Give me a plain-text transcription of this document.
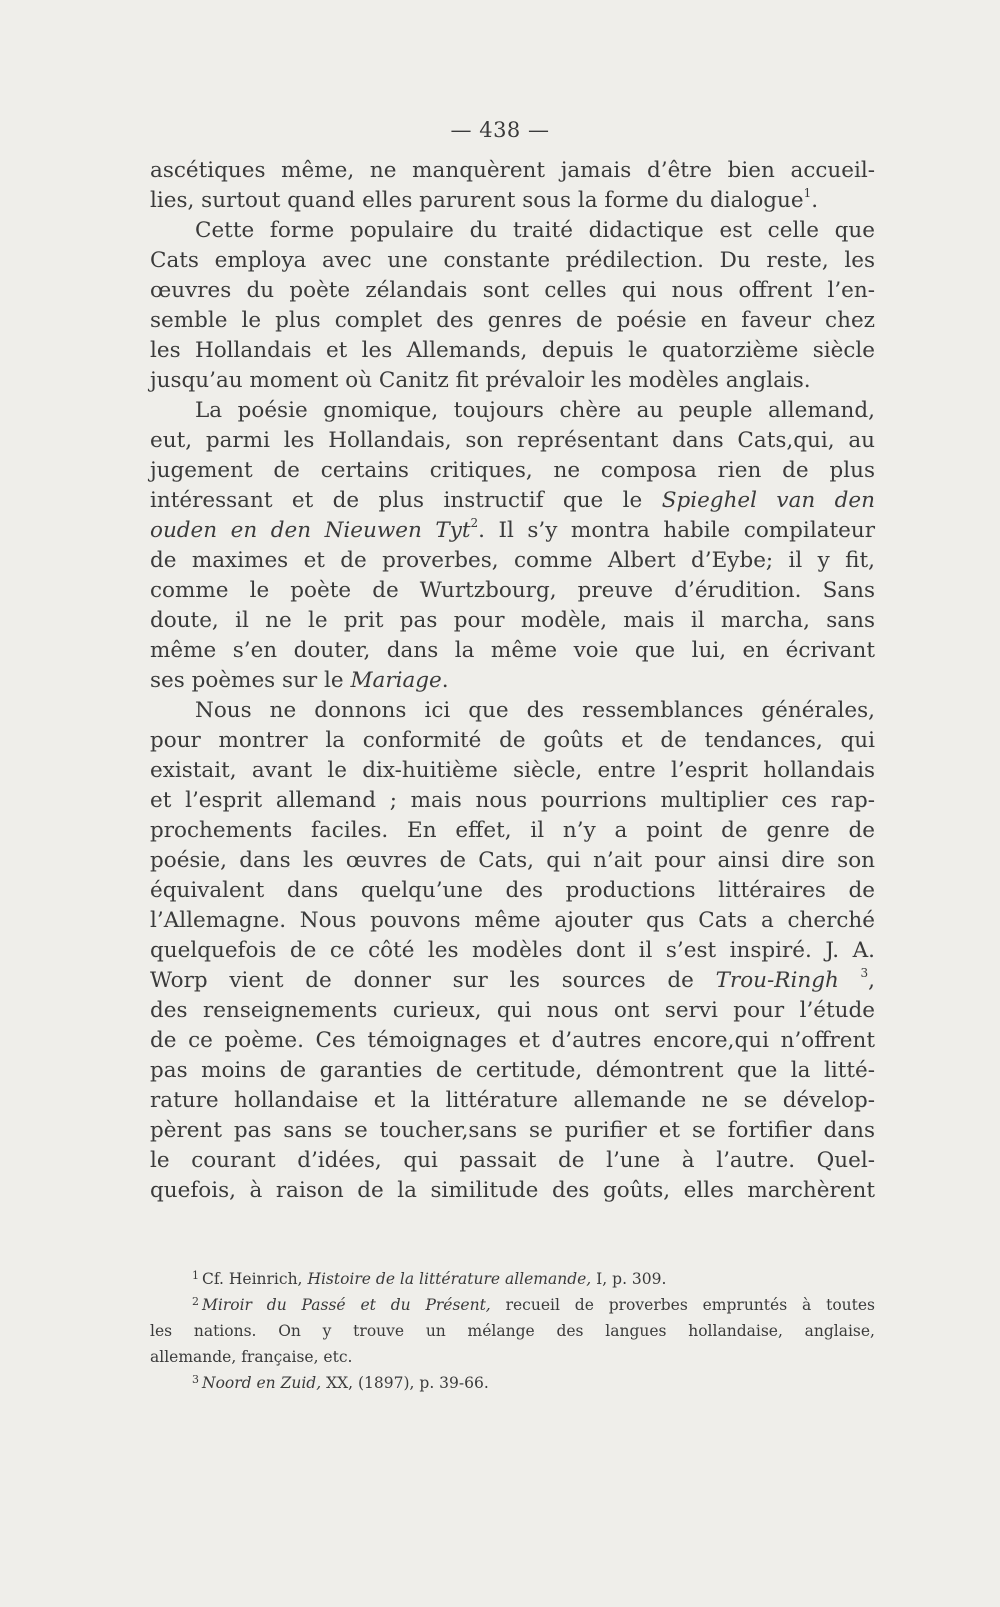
— 438 —
ascétiques même, ne manquèrent jamais d’être bien accueil-
lies, surtout quand elles parurent sous la forme du dialogue$^1$.
Cette forme populaire du traité didactique est celle que
Cats employa avec une constante prédilection. Du reste, les
œuvres du poète zélandais sont celles qui nous offrent l’en-
semble le plus complet des genres de poésie en faveur chez
les Hollandais et les Allemands, depuis le quatorzième siècle
jusqu’au moment où Canitz fit prévaloir les modèles anglais.
La poésie gnomique, toujours chère au peuple allemand,
eut, parmi les Hollandais, son représentant dans Cats,qui, au
jugement de certains critiques, ne composa rien de plus
intéressant et de plus instructif que le Spieghel van den
ouden en den Nieuwen Tyt$^2$. Il s’y montra habile compilateur
de maximes et de proverbes, comme Albert d’Eybe; il y fit,
comme le poète de Wurtzbourg, preuve d’érudition. Sans
doute, il ne le prit pas pour modèle, mais il marcha, sans
même s’en douter, dans la même voie que lui, en écrivant
ses poèmes sur le Mariage.
Nous ne donnons ici que des ressemblances générales,
pour montrer la conformité de goûts et de tendances, qui
existait, avant le dix-huitième siècle, entre l’esprit hollandais
et l’esprit allemand ; mais nous pourrions multiplier ces rap-
prochements faciles. En effet, il n’y a point de genre de
poésie, dans les œuvres de Cats, qui n’ait pour ainsi dire son
équivalent dans quelqu’une des productions littéraires de
l’Allemagne. Nous pouvons même ajouter qus Cats a cherché
quelquefois de ce côté les modèles dont il s’est inspiré. J. A.
Worp vient de donner sur les sources de Trou-Ringh $^3$,
des renseignements curieux, qui nous ont servi pour l’étude
de ce poème. Ces témoignages et d’autres encore,qui n’offrent
pas moins de garanties de certitude, démontrent que la litté-
rature hollandaise et la littérature allemande ne se dévelop-
pèrent pas sans se toucher,sans se purifier et se fortifier dans
le courant d’idées, qui passait de l’une à l’autre. Quel-
quefois, à raison de la similitude des goûts, elles marchèrent
$^1$ Cf. Heinrich, Histoire de la littérature allemande, I, p. 309.
$^2$ Miroir du Passé et du Présent, recueil de proverbes empruntés à toutes
les nations. On y trouve un mélange des langues hollandaise, anglaise,
allemande, française, etc.
$^3$ Noord en Zuid, XX, (1897), p. 39-66.
